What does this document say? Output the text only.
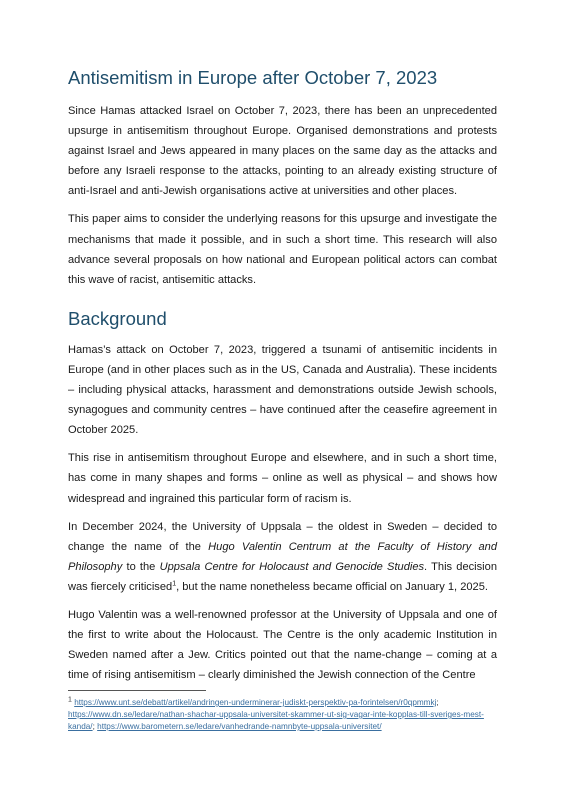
Antisemitism in Europe after October 7, 2023

Since Hamas attacked Israel on October 7, 2023, there has been an unprecedented upsurge in antisemitism throughout Europe. Organised demonstrations and protests against Israel and Jews appeared in many places on the same day as the attacks and before any Israeli response to the attacks, pointing to an already existing structure of anti-Israel and anti-Jewish organisations active at universities and other places.

This paper aims to consider the underlying reasons for this upsurge and investigate the mechanisms that made it possible, and in such a short time. This research will also advance several proposals on how national and European political actors can combat this wave of racist, antisemitic attacks.

Background

Hamas’s attack on October 7, 2023, triggered a tsunami of antisemitic incidents in Europe (and in other places such as in the US, Canada and Australia). These incidents – including physical attacks, harassment and demonstrations outside Jewish schools, synagogues and community centres – have continued after the ceasefire agreement in October 2025.

This rise in antisemitism throughout Europe and elsewhere, and in such a short time, has come in many shapes and forms – online as well as physical – and shows how widespread and ingrained this particular form of racism is.

In December 2024, the University of Uppsala – the oldest in Sweden – decided to change the name of the Hugo Valentin Centrum at the Faculty of History and Philosophy to the Uppsala Centre for Holocaust and Genocide Studies. This decision was fiercely criticised$^1$, but the name nonetheless became official on January 1, 2025.

Hugo Valentin was a well-renowned professor at the University of Uppsala and one of the first to write about the Holocaust. The Centre is the only academic Institution in Sweden named after a Jew. Critics pointed out that the name-change – coming at a time of rising antisemitism – clearly diminished the Jewish connection of the Centre

$^1$ https://www.unt.se/debatt/artikel/andringen-underminerar-judiskt-perspektiv-pa-forintelsen/r0qpmmkj; https://www.dn.se/ledare/nathan-shachar-uppsala-universitet-skammer-ut-sig-vagar-inte-kopplas-till-sveriges-mest-kanda/; https://www.barometern.se/ledare/vanhedrande-namnbyte-uppsala-universitet/
